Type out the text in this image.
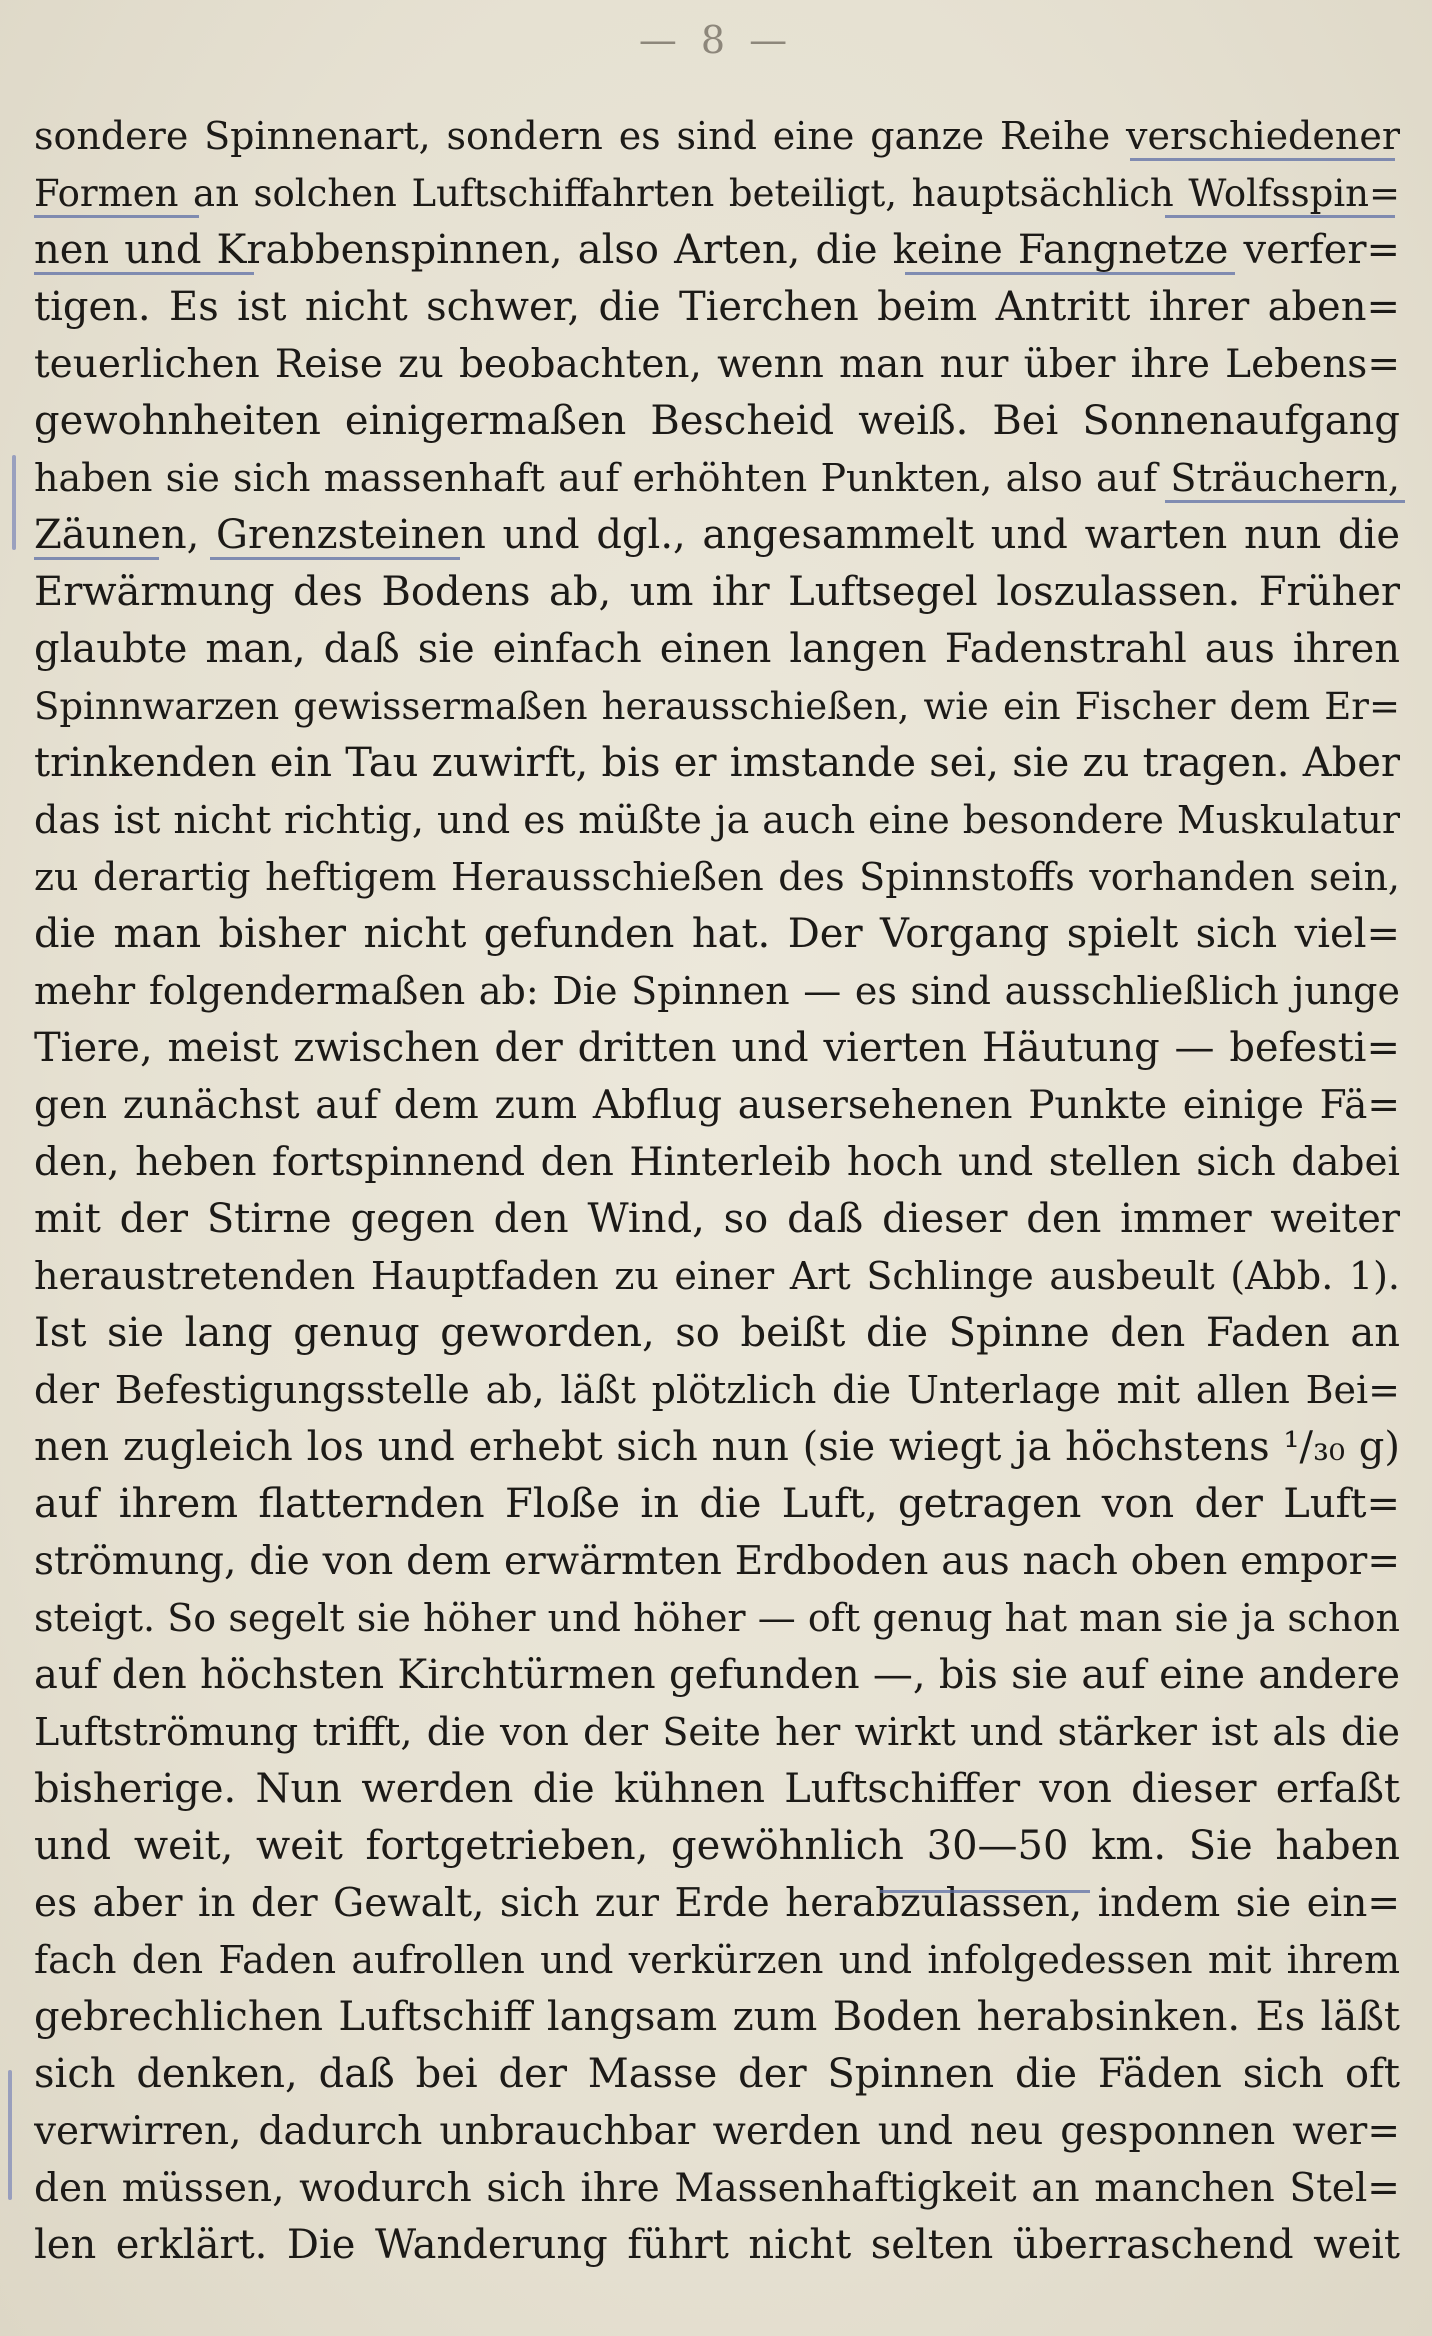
— 8 —
sondere Spinnenart, sondern es sind eine ganze Reihe verschiedener
Formen an solchen Luftschiffahrten beteiligt, hauptsächlich Wolfsspin=
nen und Krabbenspinnen, also Arten, die keine Fangnetze verfer=
tigen. Es ist nicht schwer, die Tierchen beim Antritt ihrer aben=
teuerlichen Reise zu beobachten, wenn man nur über ihre Lebens=
gewohnheiten einigermaßen Bescheid weiß. Bei Sonnenaufgang
haben sie sich massenhaft auf erhöhten Punkten, also auf Sträuchern,
Zäunen, Grenzsteinen und dgl., angesammelt und warten nun die
Erwärmung des Bodens ab, um ihr Luftsegel loszulassen. Früher
glaubte man, daß sie einfach einen langen Fadenstrahl aus ihren
Spinnwarzen gewissermaßen herausschießen, wie ein Fischer dem Er=
trinkenden ein Tau zuwirft, bis er imstande sei, sie zu tragen. Aber
das ist nicht richtig, und es müßte ja auch eine besondere Muskulatur
zu derartig heftigem Herausschießen des Spinnstoffs vorhanden sein,
die man bisher nicht gefunden hat. Der Vorgang spielt sich viel=
mehr folgendermaßen ab: Die Spinnen — es sind ausschließlich junge
Tiere, meist zwischen der dritten und vierten Häutung — befesti=
gen zunächst auf dem zum Abflug ausersehenen Punkte einige Fä=
den, heben fortspinnend den Hinterleib hoch und stellen sich dabei
mit der Stirne gegen den Wind, so daß dieser den immer weiter
heraustretenden Hauptfaden zu einer Art Schlinge ausbeult (Abb. 1).
Ist sie lang genug geworden, so beißt die Spinne den Faden an
der Befestigungsstelle ab, läßt plötzlich die Unterlage mit allen Bei=
nen zugleich los und erhebt sich nun (sie wiegt ja höchstens ¹/₃₀ g)
auf ihrem flatternden Floße in die Luft, getragen von der Luft=
strömung, die von dem erwärmten Erdboden aus nach oben empor=
steigt. So segelt sie höher und höher — oft genug hat man sie ja schon
auf den höchsten Kirchtürmen gefunden —, bis sie auf eine andere
Luftströmung trifft, die von der Seite her wirkt und stärker ist als die
bisherige. Nun werden die kühnen Luftschiffer von dieser erfaßt
und weit, weit fortgetrieben, gewöhnlich 30—50 km. Sie haben
es aber in der Gewalt, sich zur Erde herabzulassen, indem sie ein=
fach den Faden aufrollen und verkürzen und infolgedessen mit ihrem
gebrechlichen Luftschiff langsam zum Boden herabsinken. Es läßt
sich denken, daß bei der Masse der Spinnen die Fäden sich oft
verwirren, dadurch unbrauchbar werden und neu gesponnen wer=
den müssen, wodurch sich ihre Massenhaftigkeit an manchen Stel=
len erklärt. Die Wanderung führt nicht selten überraschend weit
